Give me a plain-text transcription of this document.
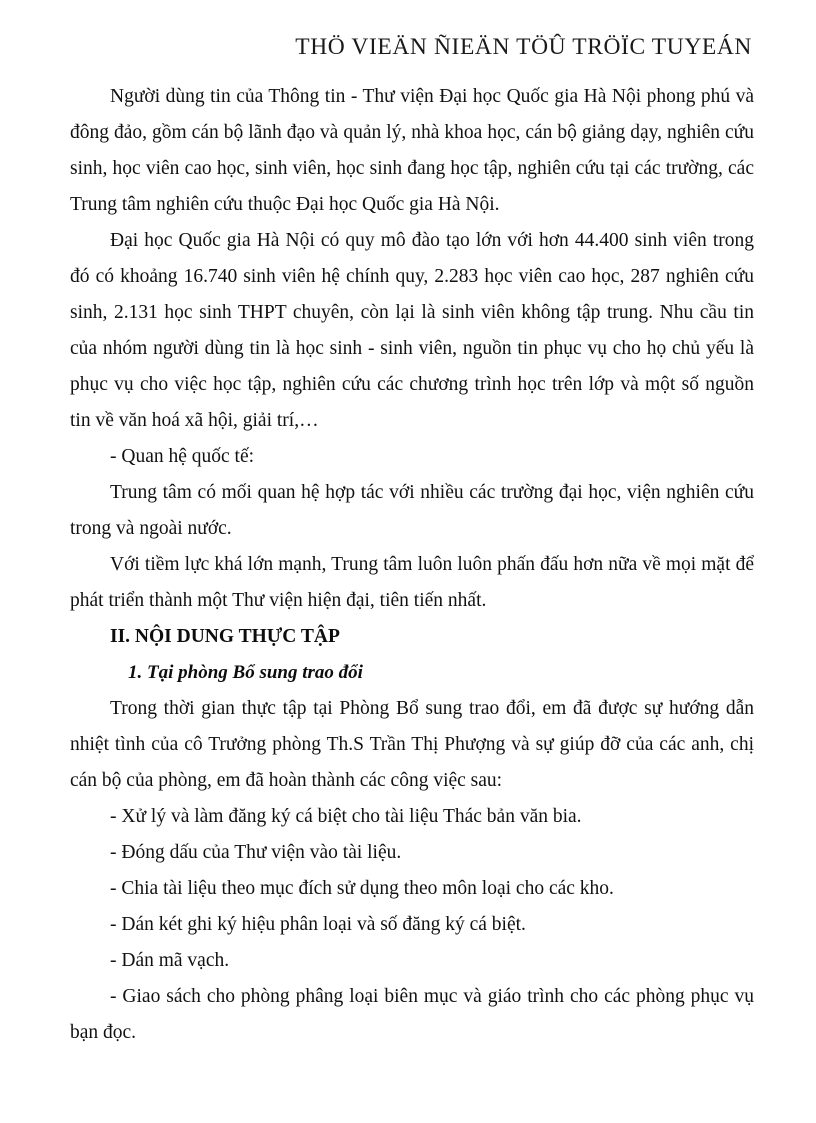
THÖ VIEÄN ÑIEÄN TÖÛ TRÖÏC TUYEÁN

Người dùng tin của Thông tin - Thư viện Đại học Quốc gia Hà Nội phong phú và đông đảo, gồm cán bộ lãnh đạo và quản lý, nhà khoa học, cán bộ giảng dạy, nghiên cứu sinh, học viên cao học, sinh viên, học sinh đang học tập, nghiên cứu tại các trường, các Trung tâm nghiên cứu thuộc Đại học Quốc gia Hà Nội.

Đại học Quốc gia Hà Nội có quy mô đào tạo lớn với hơn 44.400 sinh viên trong đó có khoảng 16.740 sinh viên hệ chính quy, 2.283 học viên cao học, 287 nghiên cứu sinh, 2.131 học sinh THPT chuyên, còn lại là sinh viên không tập trung. Nhu cầu tin của nhóm người dùng tin là học sinh - sinh viên, nguồn tin phục vụ cho họ chủ yếu là phục vụ cho việc học tập, nghiên cứu các chương trình học trên lớp và một số nguồn tin về văn hoá xã hội, giải trí,…

- Quan hệ quốc tế:

Trung tâm có mối quan hệ hợp tác với nhiều các trường đại học, viện nghiên cứu trong và ngoài nước.

Với tiềm lực khá lớn mạnh, Trung tâm luôn luôn phấn đấu hơn nữa về mọi mặt để phát triển thành một Thư viện hiện đại, tiên tiến nhất.

II. NỘI DUNG THỰC TẬP

1. Tại phòng Bổ sung trao đổi

Trong thời gian thực tập tại Phòng Bổ sung trao đổi, em đã được sự hướng dẫn nhiệt tình của cô Trưởng phòng Th.S Trần Thị Phượng và sự giúp đỡ của các anh, chị cán bộ của phòng, em đã hoàn thành các công việc sau:

- Xử lý và làm đăng ký cá biệt cho tài liệu Thác bản văn bia.

- Đóng dấu của Thư viện vào tài liệu.

- Chia tài liệu theo mục đích sử dụng theo môn loại cho các kho.

- Dán két ghi ký hiệu phân loại và số đăng ký cá biệt.

- Dán mã vạch.

- Giao sách cho phòng phâng loại biên mục và giáo trình cho các phòng phục vụ bạn đọc.
